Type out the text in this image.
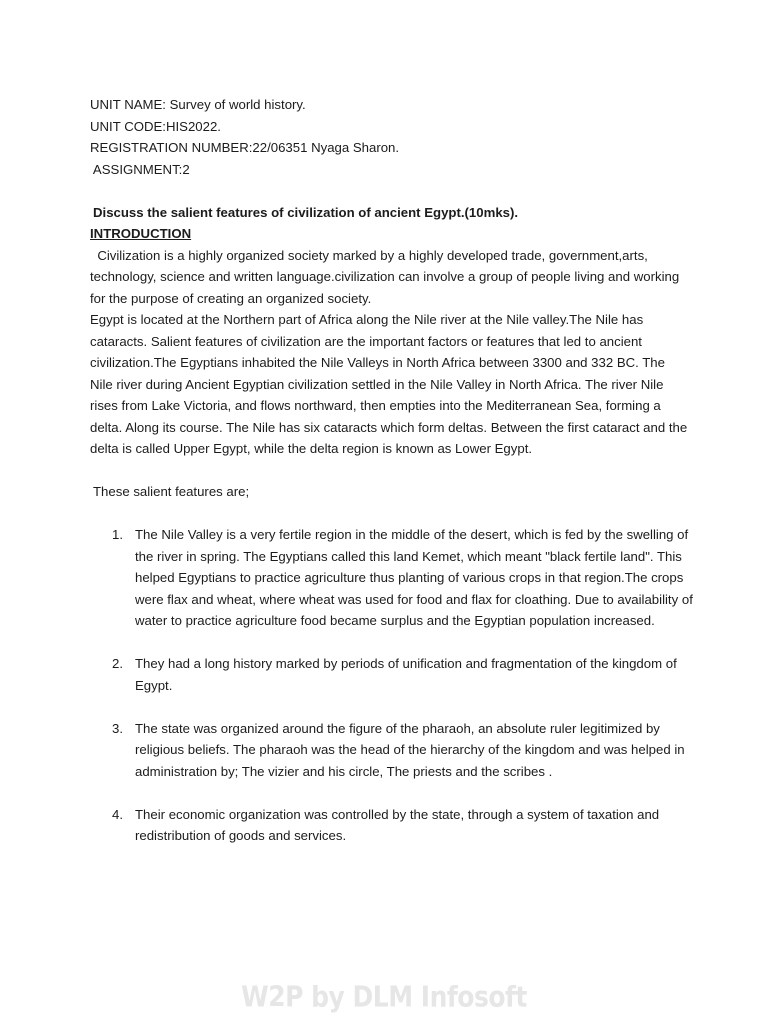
UNIT NAME: Survey of world history.
UNIT CODE:HIS2022.
REGISTRATION NUMBER:22/06351 Nyaga Sharon.
ASSIGNMENT:2
Discuss the salient features of civilization of ancient Egypt.(10mks).
INTRODUCTION
Civilization is a highly organized society marked by a highly developed trade, government,arts, technology, science and written language.civilization can involve a group of people living and working for the purpose of creating an organized society.
Egypt is located at the Northern part of Africa along the Nile river at the Nile valley.The Nile has cataracts. Salient features of civilization are the important factors or features that led to ancient civilization.The Egyptians inhabited the Nile Valleys in North Africa between 3300 and 332 BC. The Nile river during Ancient Egyptian civilization settled in the Nile Valley in North Africa. The river Nile rises from Lake Victoria, and flows northward, then empties into the Mediterranean Sea, forming a delta. Along its course. The Nile has six cataracts which form deltas. Between the first cataract and the delta is called Upper Egypt, while the delta region is known as Lower Egypt.
These salient features are;
1. The Nile Valley is a very fertile region in the middle of the desert, which is fed by the swelling of the river in spring. The Egyptians called this land Kemet, which meant "black fertile land". This helped Egyptians to practice agriculture thus planting of various crops in that region.The crops were flax and wheat, where wheat was used for food and flax for cloathing. Due to availability of water to practice agriculture food became surplus and the Egyptian population increased.
2. They had a long history marked by periods of unification and fragmentation of the kingdom of Egypt.
3. The state was organized around the figure of the pharaoh, an absolute ruler legitimized by religious beliefs. The pharaoh was the head of the hierarchy of the kingdom and was helped in administration by; The vizier and his circle, The priests and the scribes .
4. Their economic organization was controlled by the state, through a system of taxation and redistribution of goods and services.
W2P by DLM Infosoft
